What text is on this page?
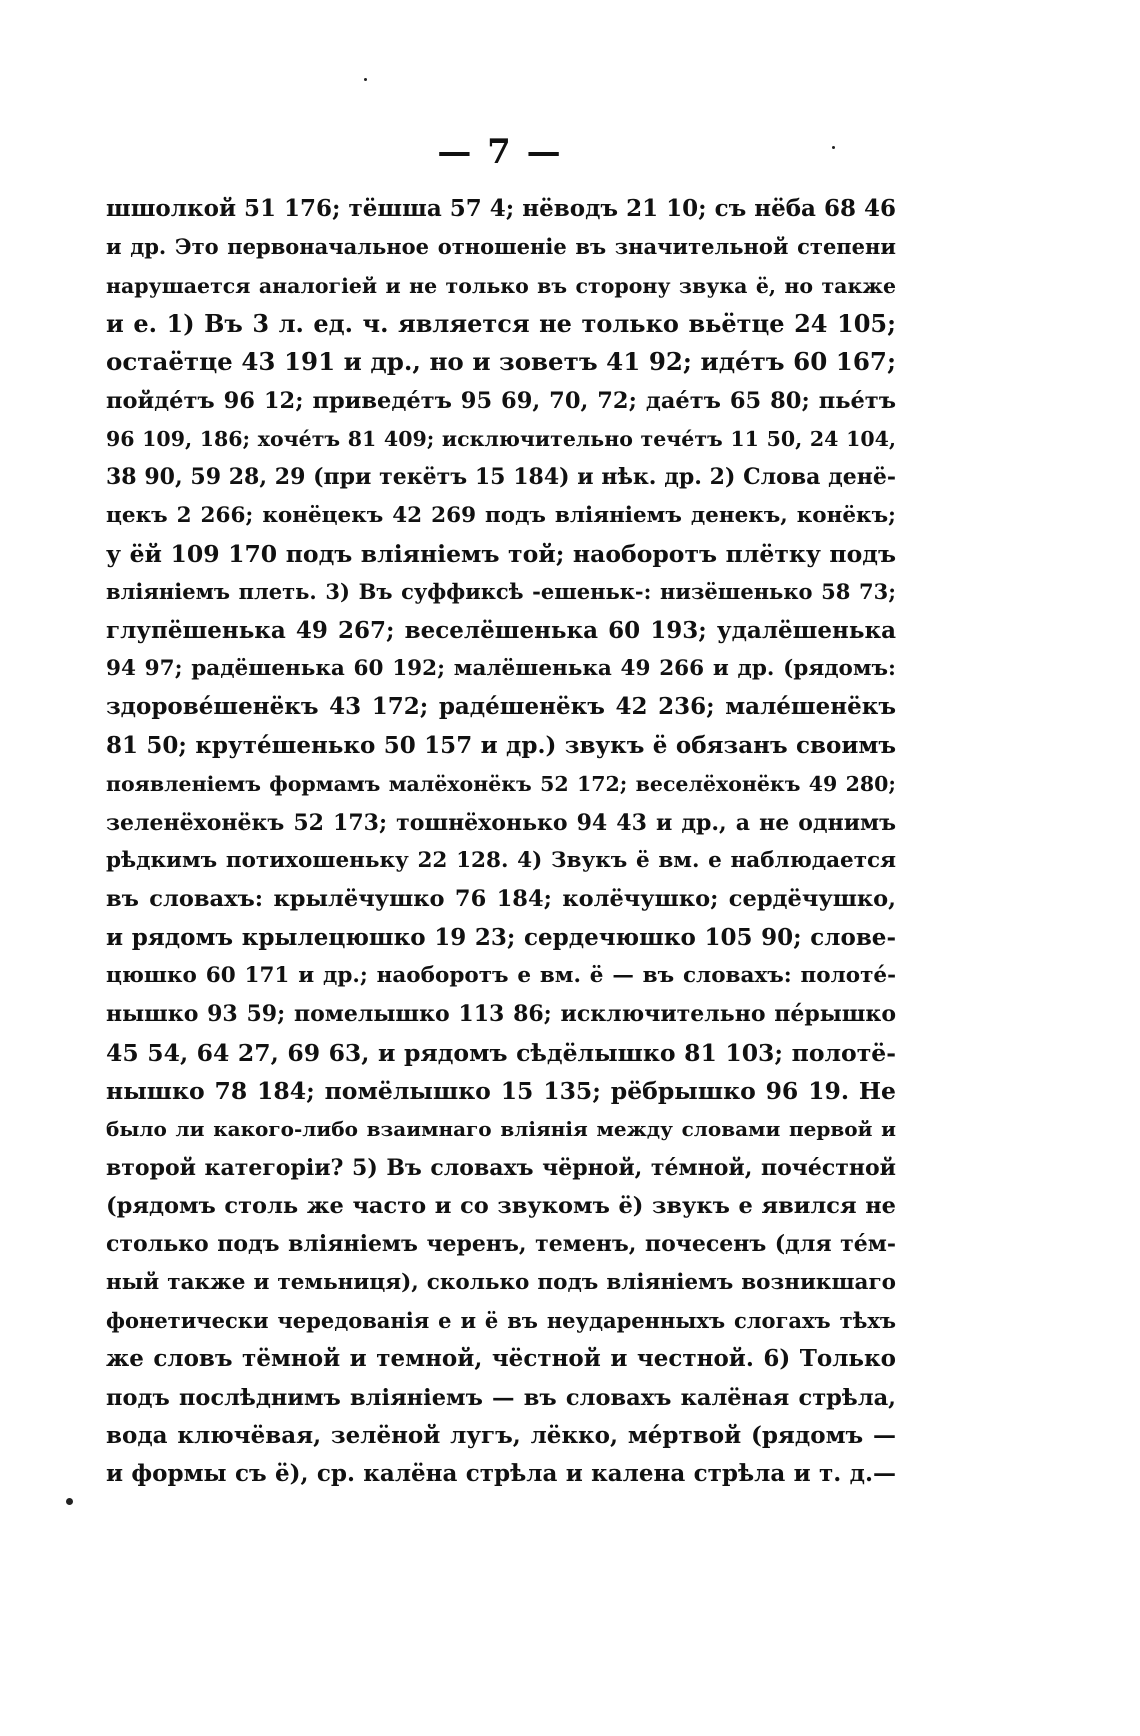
— 7 —
шшолкой 51 176; тёшша 57 4; нёводъ 21 10; съ нёба 68 46
и др. Это первоначальное отношеніе въ значительной степени
нарушается аналогіей и не только въ сторону звука ё, но также
и е. 1) Въ 3 л. ед. ч. является не только вьётце 24 105;
остаётце 43 191 и др., но и зоветъ 41 92; идéтъ 60 167;
пойдéтъ 96 12; приведéтъ 95 69, 70, 72; даéтъ 65 80; пьéтъ
96 109, 186; хочéтъ 81 409; исключительно течéтъ 11 50, 24 104,
38 90, 59 28, 29 (при текётъ 15 184) и нѣк. др. 2) Слова денё-
цекъ 2 266; конёцекъ 42 269 подъ вліяніемъ денекъ, конёкъ;
у ёй 109 170 подъ вліяніемъ той; наоборотъ плётку подъ
вліяніемъ плеть. 3) Въ суффиксѣ -ешеньк-: низёшенько 58 73;
глупёшенька 49 267; веселёшенька 60 193; удалёшенька
94 97; радёшенька 60 192; малёшенька 49 266 и др. (рядомъ:
здоровéшенёкъ 43 172; радéшенёкъ 42 236; малéшенёкъ
81 50; крутéшенько 50 157 и др.) звукъ ё обязанъ своимъ
появленіемъ формамъ малёхонёкъ 52 172; веселёхонёкъ 49 280;
зеленёхонёкъ 52 173; тошнёхонько 94 43 и др., а не однимъ
рѣдкимъ потихошеньку 22 128. 4) Звукъ ё вм. е наблюдается
въ словахъ: крылёчушко 76 184; колёчушко; сердёчушко,
и рядомъ крылецюшко 19 23; сердечюшко 105 90; слове-
цюшко 60 171 и др.; наоборотъ е вм. ё — въ словахъ: полоте́-
нышко 93 59; помелышко 113 86; исключительно пе́рышко
45 54, 64 27, 69 63, и рядомъ сѣдёлышко 81 103; полотё-
нышко 78 184; помёлышко 15 135; рёбрышко 96 19. Не
было ли какого-либо взаимнаго вліянія между словами первой и
второй категоріи? 5) Въ словахъ чёрной, тéмной, почéстной
(рядомъ столь же часто и со звукомъ ё) звукъ е явился не
столько подъ вліяніемъ черенъ, теменъ, почесенъ (для тéм-
ный также и темьниця), сколько подъ вліяніемъ возникшаго
фонетически чередованія е и ё въ неударенныхъ слогахъ тѣхъ
же словъ тёмной и темной, чёстной и честной. 6) Только
подъ послѣднимъ вліяніемъ — въ словахъ калёная стрѣла,
вода ключёвая, зелёной лугъ, лёкко, мéртвой (рядомъ —
и формы съ ё), ср. калёна стрѣла и калена стрѣла и т. д.—
